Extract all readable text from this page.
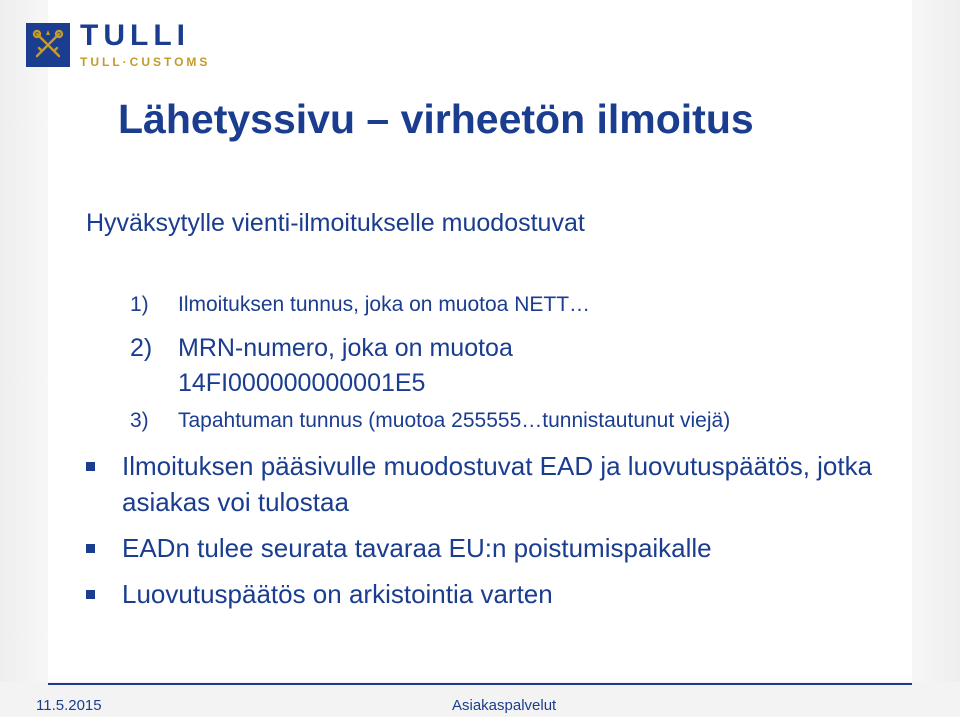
TULLI
TULL·CUSTOMS
Lähetyssivu – virheetön ilmoitus
Hyväksytylle vienti-ilmoitukselle muodostuvat
1)	Ilmoituksen tunnus, joka on muotoa NETT…
2)	MRN-numero, joka on muotoa
14FI000000000001E5
3)	Tapahtuman tunnus (muotoa 255555…tunnistautunut viejä)
Ilmoituksen pääsivulle muodostuvat EAD ja luovutuspäätös, jotka asiakas voi tulostaa
EADn tulee seurata tavaraa EU:n poistumispaikalle
Luovutuspäätös on arkistointia varten
11.5.2015	Asiakaspalvelut
